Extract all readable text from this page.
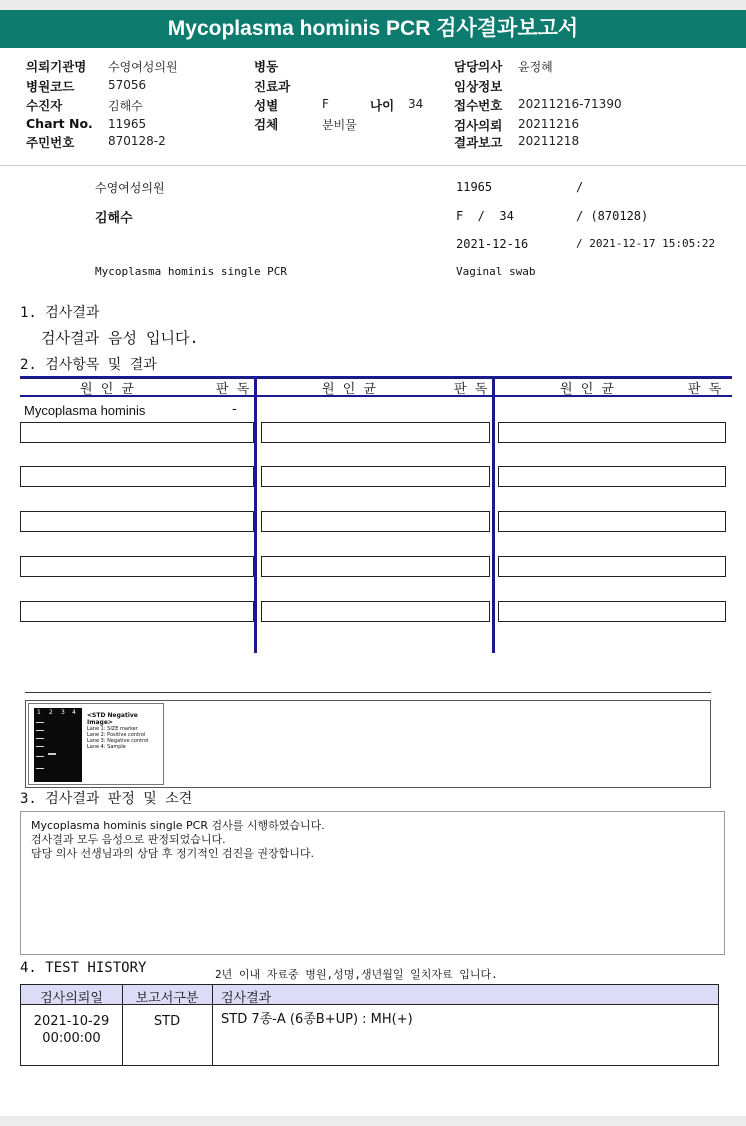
Mycoplasma hominis PCR 검사결과보고서
의뢰기관명 수영여성의원
병원코드	57056
수진자	김해수
Chart No. 11965
주민번호	870128-2
병동
진료과
성별	F	나이 34
검체	분비물
담당의사 윤정혜
임상정보
접수번호 20211216-71390
검사의뢰 20211216
결과보고 20211218
수영여성의원	11965	/
김해수	F  /  34	/ (870128)
2021-12-16	/ 2021-12-17 15:05:22
Mycoplasma hominis single PCR	Vaginal swab
1. 검사결과
검사결과 음성 입니다.
2. 검사항목 및 결과
원 인 균	판 독	원 인 균	판 독	원 인 균	판 독
Mycoplasma hominis	-
1 2 3 4 <STD Negative Image>
Lane 1: SIZE marker
Lane 2: Positive control
Lane 3: Negative control
Lane 4: Sample
3. 검사결과 판정 및 소견
Mycoplasma hominis single PCR 검사를 시행하였습니다.
검사결과 모두 음성으로 판정되었습니다.
담당 의사 선생님과의 상담 후 정기적인 검진을 권장합니다.
4. TEST HISTORY	2년 이내 자료중 병원,성명,생년월일 일치자료 입니다.
검사의뢰일	보고서구분	검사결과
2021-10-29
00:00:00
STD	STD 7종-A (6종B+UP) : MH(+)
